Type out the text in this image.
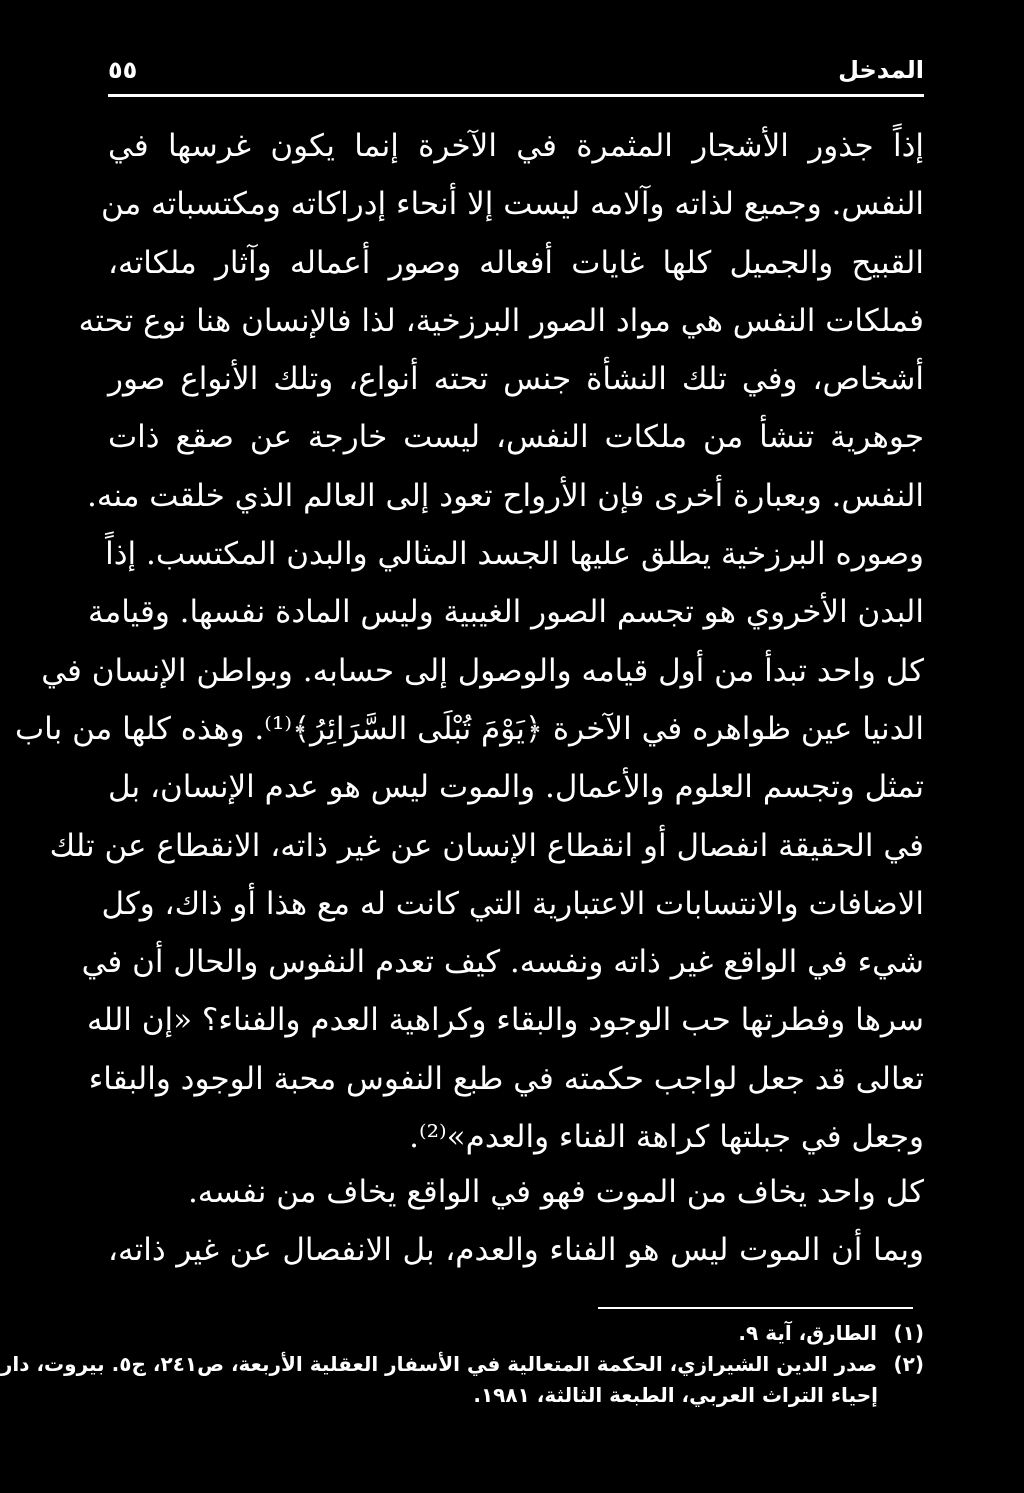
المدخل
٥٥
إذاً جذور الأشجار المثمرة في الآخرة إنما يكون غرسها في
النفس. وجميع لذاته وآلامه ليست إلا أنحاء إدراكاته ومكتسباته من
القبيح والجميل كلها غايات أفعاله وصور أعماله وآثار ملكاته،
فملكات النفس هي مواد الصور البرزخية، لذا فالإنسان هنا نوع تحته
أشخاص، وفي تلك النشأة جنس تحته أنواع، وتلك الأنواع صور
جوهرية تنشأ من ملكات النفس، ليست خارجة عن صقع ذات
النفس. وبعبارة أخرى فإن الأرواح تعود إلى العالم الذي خلقت منه.
وصوره البرزخية يطلق عليها الجسد المثالي والبدن المكتسب. إذاً
البدن الأخروي هو تجسم الصور الغيبية وليس المادة نفسها. وقيامة
كل واحد تبدأ من أول قيامه والوصول إلى حسابه. وبواطن الإنسان في
الدنيا عين ظواهره في الآخرة ﴿يَوْمَ تُبْلَى السَّرَائِرُ﴾⁽¹⁾. وهذه كلها من باب
تمثل وتجسم العلوم والأعمال. والموت ليس هو عدم الإنسان، بل
في الحقيقة انفصال أو انقطاع الإنسان عن غير ذاته، الانقطاع عن تلك
الاضافات والانتسابات الاعتبارية التي كانت له مع هذا أو ذاك، وكل
شيء في الواقع غير ذاته ونفسه. كيف تعدم النفوس والحال أن في
سرها وفطرتها حب الوجود والبقاء وكراهية العدم والفناء؟ «إن الله
تعالى قد جعل لواجب حكمته في طبع النفوس محبة الوجود والبقاء
وجعل في جبلتها كراهة الفناء والعدم»⁽²⁾.
كل واحد يخاف من الموت فهو في الواقع يخاف من نفسه.
وبما أن الموت ليس هو الفناء والعدم، بل الانفصال عن غير ذاته،
(١) الطارق، آية ٩.
(٢) صدر الدين الشيرازي، الحكمة المتعالية في الأسفار العقلية الأربعة، ص٢٤١، ج٥. بيروت، دار
إحياء التراث العربي، الطبعة الثالثة، ١٩٨١.
